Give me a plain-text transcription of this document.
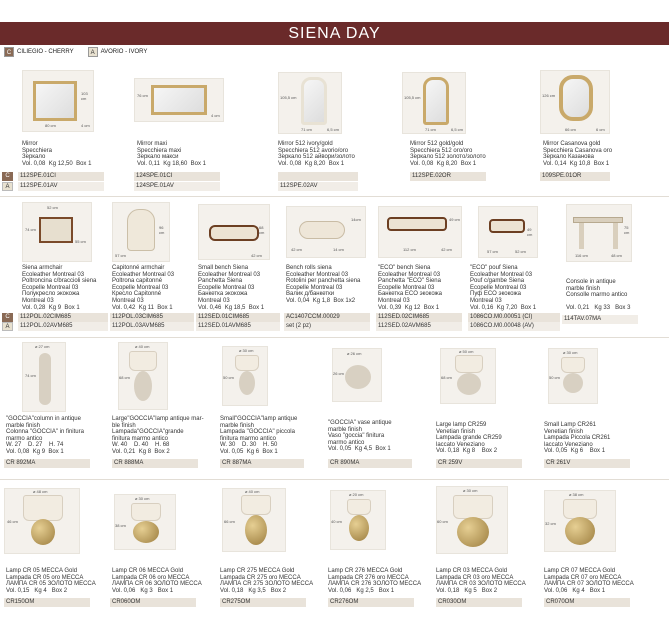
SIENA DAY
C CILIEGIO - CHERRY	A	AVORIO - IVORY
C
A
103 cm
80 cm	4 cm
Mirror
Specchiera
Зеркало
Vol. 0,08 Kg 12,50 Box 1
112SPE.01CI
112SPE.01AV
76 cm
4 cm
Mirror maxi
Specchiera maxi
Зеркало макси
Vol. 0,11 Kg 18,60 Box 1
124SPE.01CI
124SPE.01AV
105,5 cm
71 cm	6,5 cm
Mirror 512 ivory/gold
Specchiera 512 avorio/oro
Зеркало 512 айвори/золото
Vol. 0,08 Kg 8,20 Box 1
112SPE.02AV
105,5 cm
71 cm	6,5 cm
Mirror 512 gold/gold
Specchiera 512 oro/oro
Зеркало 512 золото/золото
Vol. 0,08 Kg 8,20 Box 1
112SPE.02OR
126 cm
66 cm	6 cm
Mirror Casanova gold
Specchiera Casanova oro
Зеркало Казанова
Vol. 0,14 Kg 10,8 Box 1
109SPE.01OR
C
A
52 cm
55 cm
74 cm
Siena armchair
Ecoleather Montreal 03
Poltroncina c/braccioli siena
Ecopelle Montreal 03
Полукресло экокожа
Montreal 03
Vol. 0,28 Kg 9 Box 1
112POL.02CIM685
112POL.02AVM685
96 cm
57 cm
Capitonné armchair
Ecoleather Montreal 03
Poltrona capitonné
Ecopelle Montreal 03
Кресло Capitonné
Montreal 03
Vol. 0,42 Kg 11 Box 1
112POL.03CIM685
112POL.03AVM685
68 cm
42 cm
Small bench Siena
Ecoleather Montreal 03
Panchetta Siena
Ecopelle Montreal 03
Банкетка экокожа
Montreal 03
Vol. 0,46 Kg 18,5 Box 1
112SED.01CIM685
112SED.01AVM685
14cm
42 cm	14 cm
Bench rolls siena
Ecoleather Montreal 03
Rotolini per panchetta siena
Ecopelle Montreal 03
Валик д/банкетки
Vol. 0,04 Kg 1,8 Box 1x2
AC1407CCM.00029
set (2 pz)
49 cm
112 cm	42 cm
"ECO" bench Siena
Ecoleather Montreal 03
Panchetta "ECO" Siena
Ecopelle Montreal 03
Банкетка ECO экокожа
Montreal 03
Vol. 0,39 Kg 12 Box 1
112SED.02CIM685
112SED.02AVM685
49 cm
57 cm	52 cm
"ECO" pouf Siena
Ecoleather Montreal 03
Pouf c/gambe Siena
Ecopelle Montreal 03
Пуф ECO экокожа
Montreal 03
Vol. 0,16 Kg 7,20 Box 1
1086CO.M0.00051 (CI)
1086CO.M0.00048 (AV)
75 cm
116 cm	48 cm
Console in antique
marble finish
Consolle marmo antico
Vol. 0,21 Kg 33 Box 3
114TAV.07MA
ø 27 cm
74 cm
"GOCCIA"column in antique
marble finish
Colonna "GOCCIA" in finitura
marmo antico
W. 27 D. 27 H. 74
Vol. 0,08 Kg 9 Box 1
CR 892MA
ø 40 cm
68 cm
Large"GOCCIA"lamp antique mar-
ble finish
Lampada"GOCCIA"grande
finitura marmo antico
W. 40 D. 40 H. 68
Vol. 0,21 Kg 8 Box 2
CR 888MA
ø 30 cm
50 cm
Small"GOCCIA"lamp antique
marble finish
Lampada "GOCCIA" piccola
finitura marmo antico
W. 30 D. 30 H. 50
Vol. 0,05 Kg 6 Box 1
CR 887MA
ø 26 cm
26 cm
"GOCCIA" vase antique
marble finish
Vaso "goccia" finitura
marmo antico
Vol. 0,05 Kg 4,5 Box 1
CR 890MA
ø 50 cm
68 cm
Large lamp CR259
Venetian finish
Lampada grande CR259
laccato Veneziano
Vol. 0,18 Kg 8 Box 2
CR 259V
ø 30 cm
50 cm
Small Lamp CR261
Venetian finish
Lampada Piccola CR261
laccato Veneziano
Vol. 0,05 Kg 6 Box 1
CR 261V
ø 48 cm
46 cm
Lamp CR 05 MECCA Gold
Lampada CR 05 oro MECCA
ЛАМПА CR 05 ЗОЛОТО MECCA
Vol. 0,15 Kg 4 Box 2
CR150OM
ø 30 cm
38 cm
Lamp CR 06 MECCA Gold
Lampada CR 06 oro MECCA
ЛАМПА CR 06 ЗОЛОТО MECCA
Vol. 0,06 Kg 3 Box 1
CR060OM
ø 40 cm
66 cm
Lamp CR 275 MECCA Gold
Lampada CR 275 oro MECCA
ЛАМПА CR 275 ЗОЛОТО MECCA
Vol. 0,18 Kg 3,5 Box 2
CR275OM
ø 20 cm
40 cm
Lamp CR 276 MECCA Gold
Lampada CR 276 oro MECCA
ЛАМПА CR 276 ЗОЛОТО MECCA
Vol. 0,06 Kg 2,5 Box 1
CR276OM
ø 30 cm
60 cm
Lamp CR 03 MECCA Gold
Lampada CR 03 oro MECCA
ЛАМПА CR 03 ЗОЛОТО MECCA
Vol. 0,18 Kg 5 Box 2
CR030OM
ø 38 cm
32 cm
Lamp CR 07 MECCA Gold
Lampada CR 07 oro MECCA
ЛАМПА CR 07 ЗОЛОТО MECCA
Vol. 0,06 Kg 4 Box 1
CR070OM
